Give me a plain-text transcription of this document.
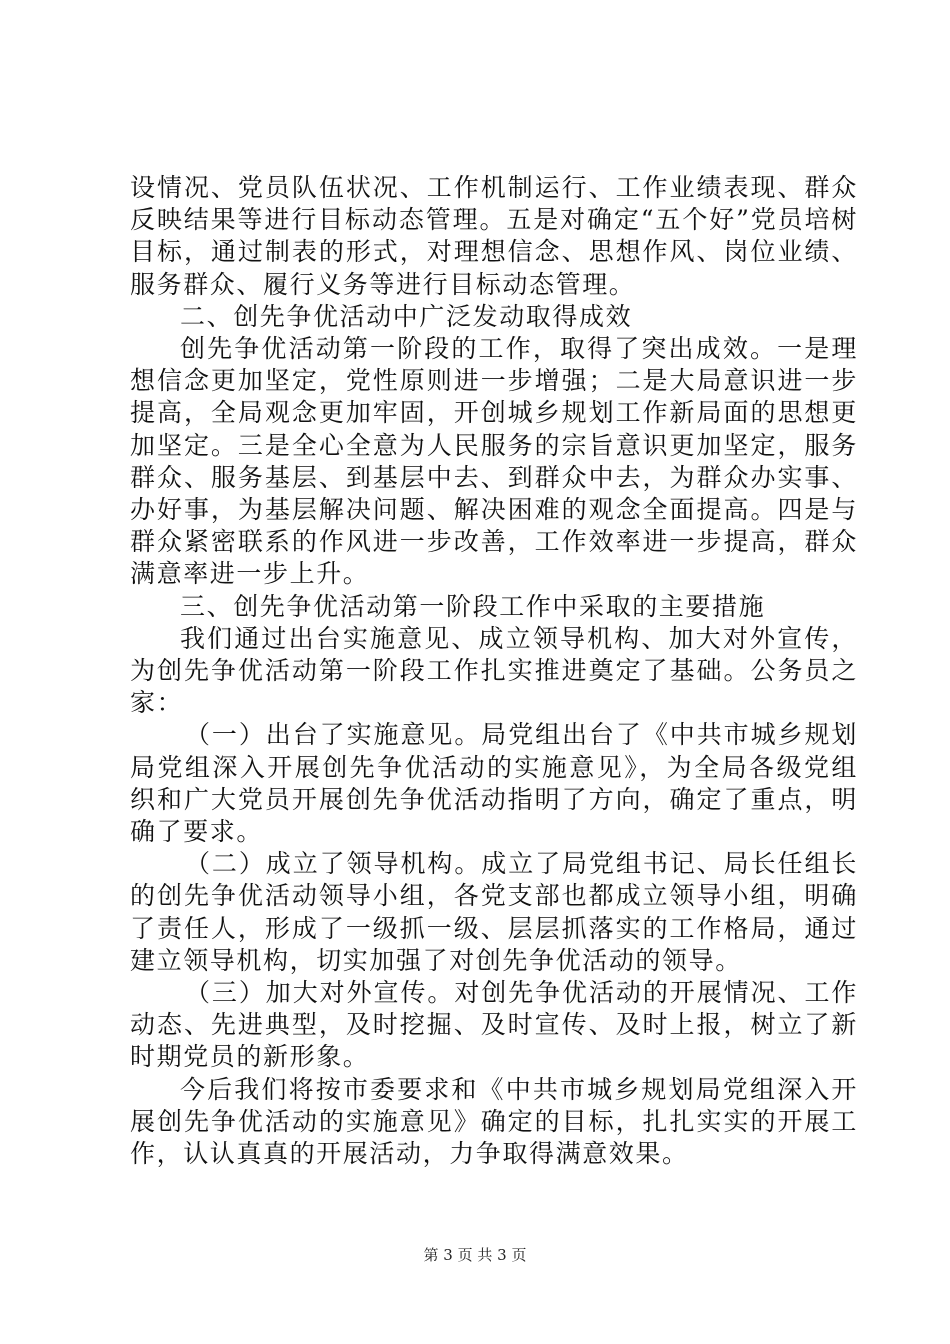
设情况、党员队伍状况、工作机制运行、工作业绩表现、群众反映结果等进行目标动态管理。五是对确定“五个好”党员培树目标，通过制表的形式，对理想信念、思想作风、岗位业绩、服务群众、履行义务等进行目标动态管理。

二、创先争优活动中广泛发动取得成效

创先争优活动第一阶段的工作，取得了突出成效。一是理想信念更加坚定，党性原则进一步增强；二是大局意识进一步提高，全局观念更加牢固，开创城乡规划工作新局面的思想更加坚定。三是全心全意为人民服务的宗旨意识更加坚定，服务群众、服务基层、到基层中去、到群众中去，为群众办实事、办好事，为基层解决问题、解决困难的观念全面提高。四是与群众紧密联系的作风进一步改善，工作效率进一步提高，群众满意率进一步上升。

三、创先争优活动第一阶段工作中采取的主要措施

我们通过出台实施意见、成立领导机构、加大对外宣传，为创先争优活动第一阶段工作扎实推进奠定了基础。公务员之家：

（一）出台了实施意见。局党组出台了《中共市城乡规划局党组深入开展创先争优活动的实施意见》，为全局各级党组织和广大党员开展创先争优活动指明了方向，确定了重点，明确了要求。

（二）成立了领导机构。成立了局党组书记、局长任组长的创先争优活动领导小组，各党支部也都成立领导小组，明确了责任人，形成了一级抓一级、层层抓落实的工作格局，通过建立领导机构，切实加强了对创先争优活动的领导。

（三）加大对外宣传。对创先争优活动的开展情况、工作动态、先进典型，及时挖掘、及时宣传、及时上报，树立了新时期党员的新形象。

今后我们将按市委要求和《中共市城乡规划局党组深入开展创先争优活动的实施意见》确定的目标，扎扎实实的开展工作，认认真真的开展活动，力争取得满意效果。

第 3 页 共 3 页
